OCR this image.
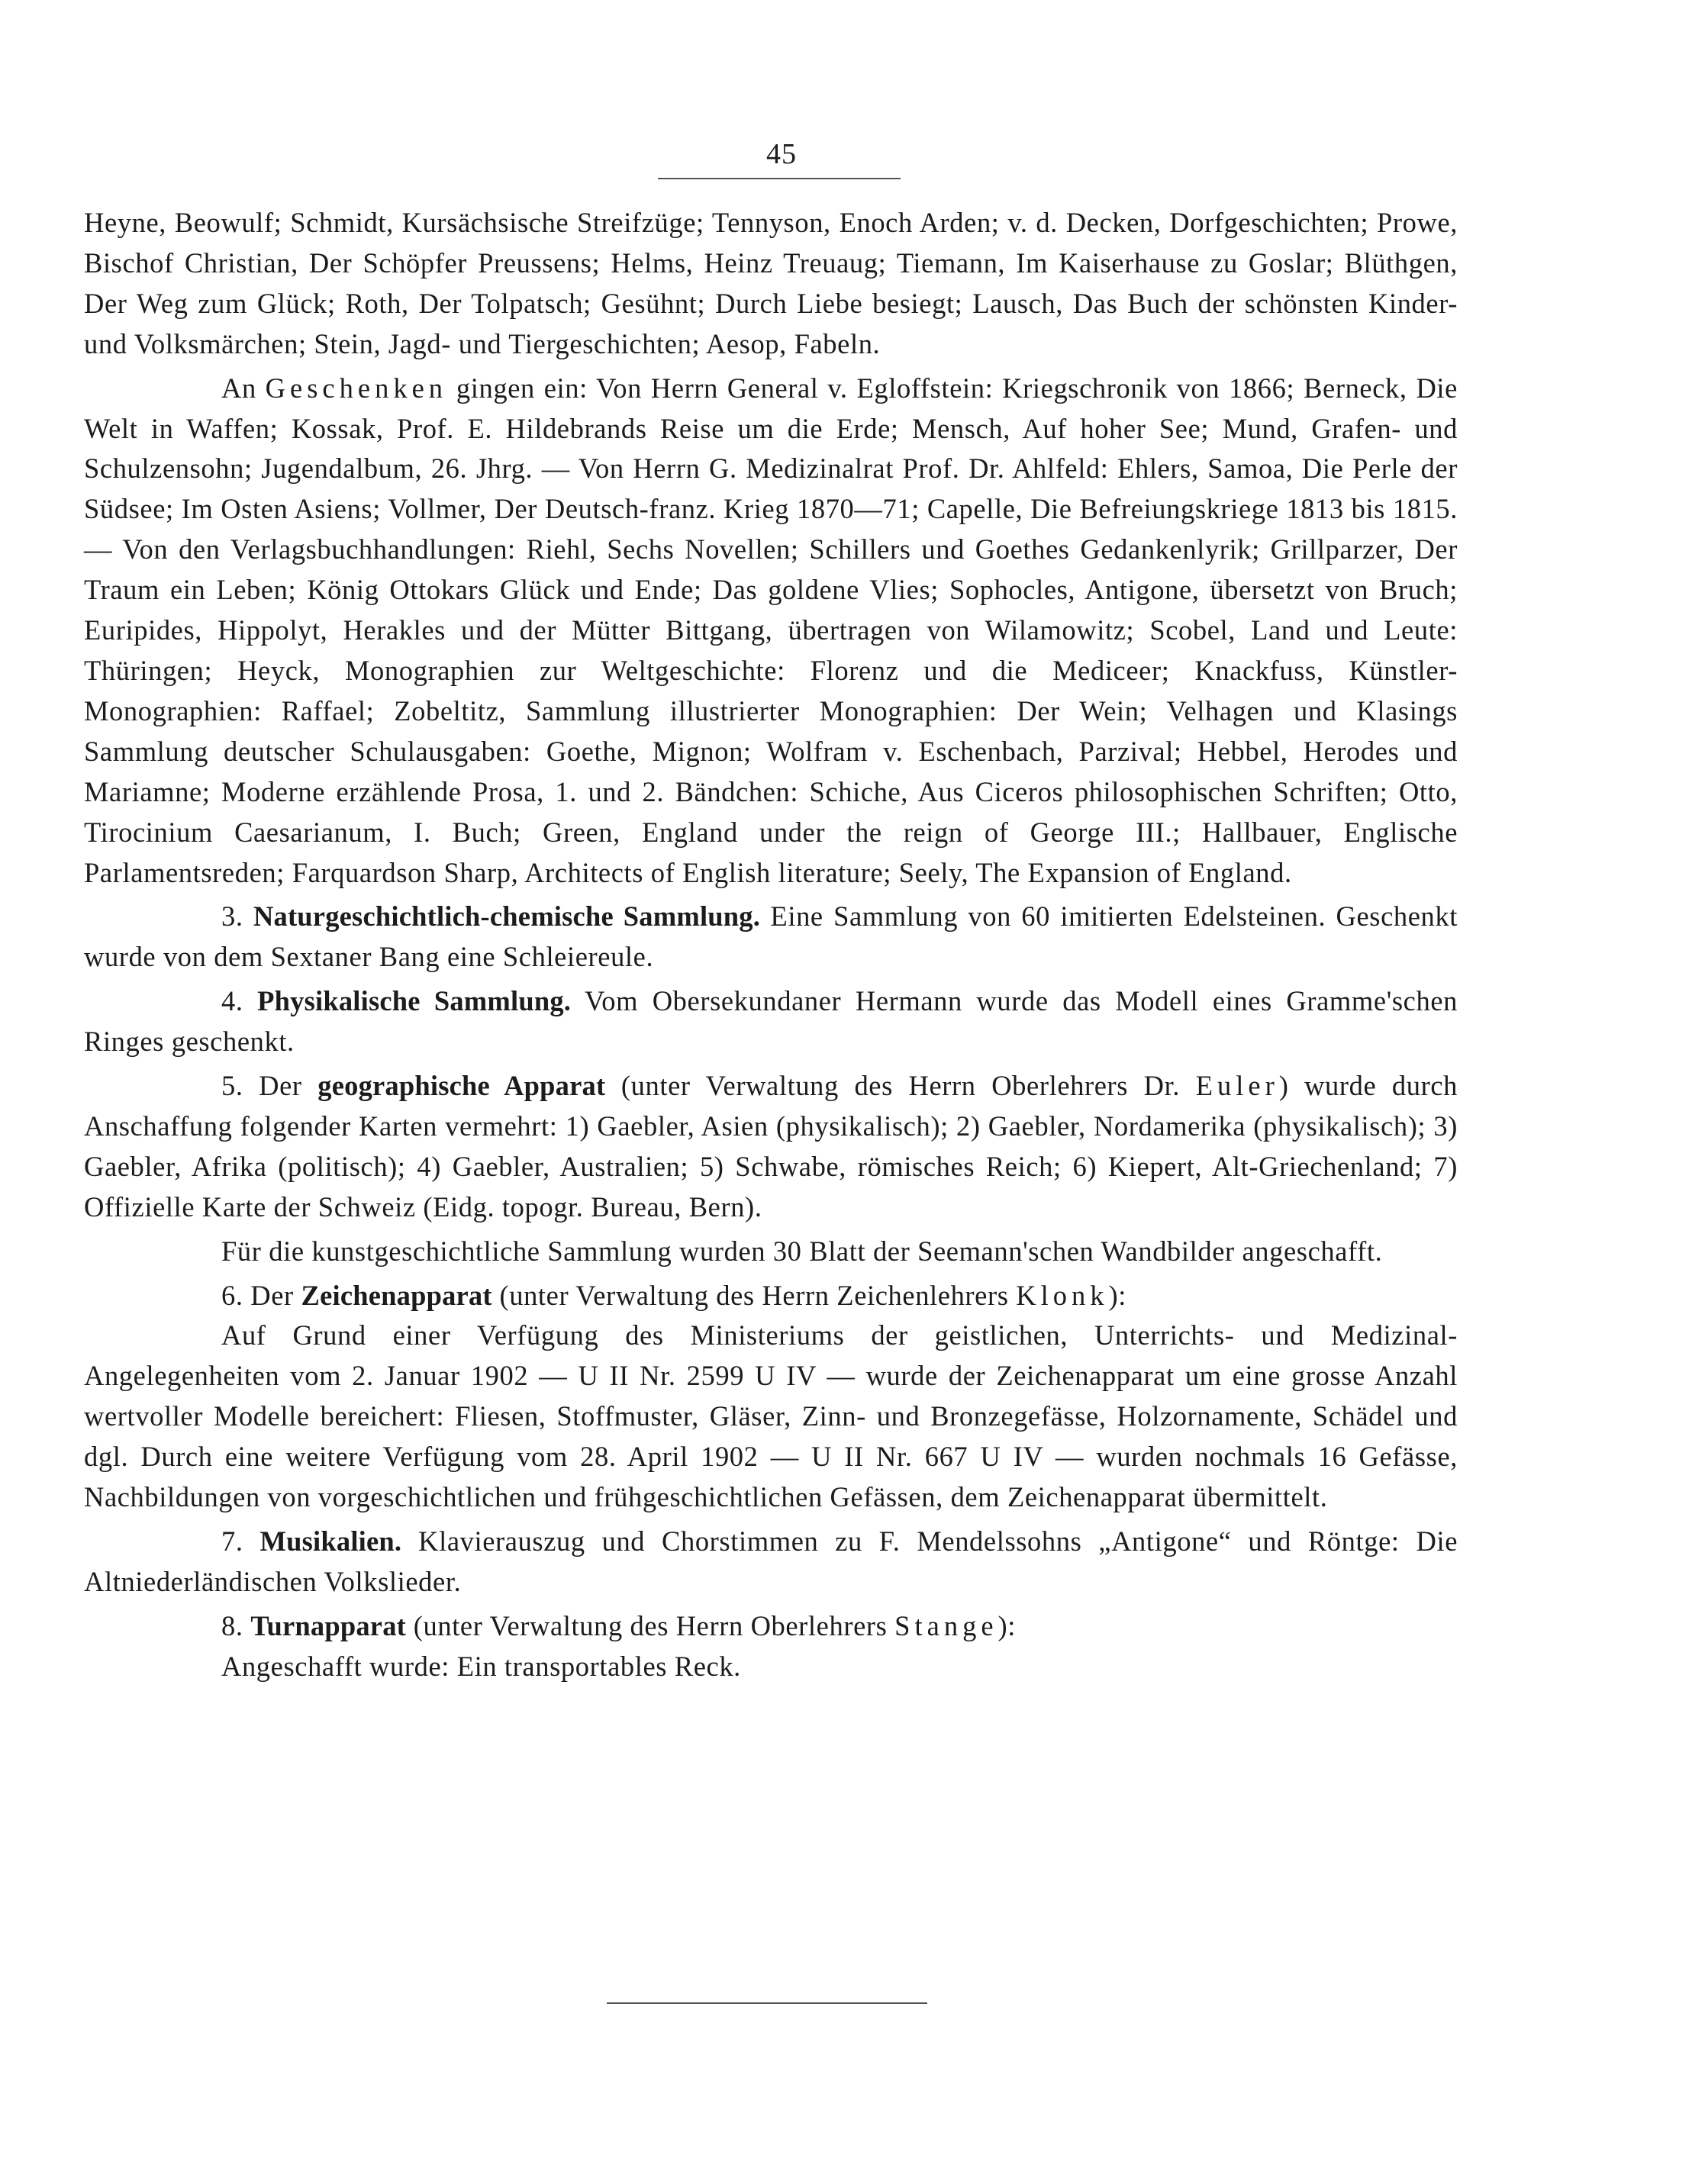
45

Heyne, Beowulf; Schmidt, Kursächsische Streifzüge; Tennyson, Enoch Arden; v. d. Decken, Dorfgeschichten; Prowe, Bischof Christian, Der Schöpfer Preussens; Helms, Heinz Treuaug; Tiemann, Im Kaiserhause zu Goslar; Blüthgen, Der Weg zum Glück; Roth, Der Tolpatsch; Gesühnt; Durch Liebe besiegt; Lausch, Das Buch der schönsten Kinder- und Volksmärchen; Stein, Jagd- und Tiergeschichten; Aesop, Fabeln.

An Geschenken gingen ein: Von Herrn General v. Egloffstein: Kriegschronik von 1866; Berneck, Die Welt in Waffen; Kossak, Prof. E. Hildebrands Reise um die Erde; Mensch, Auf hoher See; Mund, Grafen- und Schulzensohn; Jugendalbum, 26. Jhrg. — Von Herrn G. Medizinalrat Prof. Dr. Ahlfeld: Ehlers, Samoa, Die Perle der Südsee; Im Osten Asiens; Vollmer, Der Deutsch-franz. Krieg 1870—71; Capelle, Die Befreiungskriege 1813 bis 1815. — Von den Verlagsbuchhandlungen: Riehl, Sechs Novellen; Schillers und Goethes Gedankenlyrik; Grillparzer, Der Traum ein Leben; König Ottokars Glück und Ende; Das goldene Vlies; Sophocles, Antigone, übersetzt von Bruch; Euripides, Hippolyt, Herakles und der Mütter Bittgang, übertragen von Wilamowitz; Scobel, Land und Leute: Thüringen; Heyck, Monographien zur Weltgeschichte: Florenz und die Mediceer; Knackfuss, Künstler-Monographien: Raffael; Zobeltitz, Sammlung illustrierter Monographien: Der Wein; Velhagen und Klasings Sammlung deutscher Schulausgaben: Goethe, Mignon; Wolfram v. Eschenbach, Parzival; Hebbel, Herodes und Mariamne; Moderne erzählende Prosa, 1. und 2. Bändchen: Schiche, Aus Ciceros philosophischen Schriften; Otto, Tirocinium Caesarianum, I. Buch; Green, England under the reign of George III.; Hallbauer, Englische Parlamentsreden; Farquardson Sharp, Architects of English literature; Seely, The Expansion of England.

3. Naturgeschichtlich-chemische Sammlung. Eine Sammlung von 60 imitierten Edelsteinen. Geschenkt wurde von dem Sextaner Bang eine Schleiereule.

4. Physikalische Sammlung. Vom Obersekundaner Hermann wurde das Modell eines Gramme'schen Ringes geschenkt.

5. Der geographische Apparat (unter Verwaltung des Herrn Oberlehrers Dr. Euler) wurde durch Anschaffung folgender Karten vermehrt: 1) Gaebler, Asien (physikalisch); 2) Gaebler, Nordamerika (physikalisch); 3) Gaebler, Afrika (politisch); 4) Gaebler, Australien; 5) Schwabe, römisches Reich; 6) Kiepert, Alt-Griechenland; 7) Offizielle Karte der Schweiz (Eidg. topogr. Bureau, Bern).

Für die kunstgeschichtliche Sammlung wurden 30 Blatt der Seemann'schen Wandbilder angeschafft.

6. Der Zeichenapparat (unter Verwaltung des Herrn Zeichenlehrers Klonk):

Auf Grund einer Verfügung des Ministeriums der geistlichen, Unterrichts- und Medizinal-Angelegenheiten vom 2. Januar 1902 — U II Nr. 2599 U IV — wurde der Zeichenapparat um eine grosse Anzahl wertvoller Modelle bereichert: Fliesen, Stoffmuster, Gläser, Zinn- und Bronzegefässe, Holzornamente, Schädel und dgl. Durch eine weitere Verfügung vom 28. April 1902 — U II Nr. 667 U IV — wurden nochmals 16 Gefässe, Nachbildungen von vorgeschichtlichen und frühgeschichtlichen Gefässen, dem Zeichenapparat übermittelt.

7. Musikalien. Klavierauszug und Chorstimmen zu F. Mendelssohns „Antigone“ und Röntge: Die Altniederländischen Volkslieder.

8. Turnapparat (unter Verwaltung des Herrn Oberlehrers Stange):

Angeschafft wurde: Ein transportables Reck.
